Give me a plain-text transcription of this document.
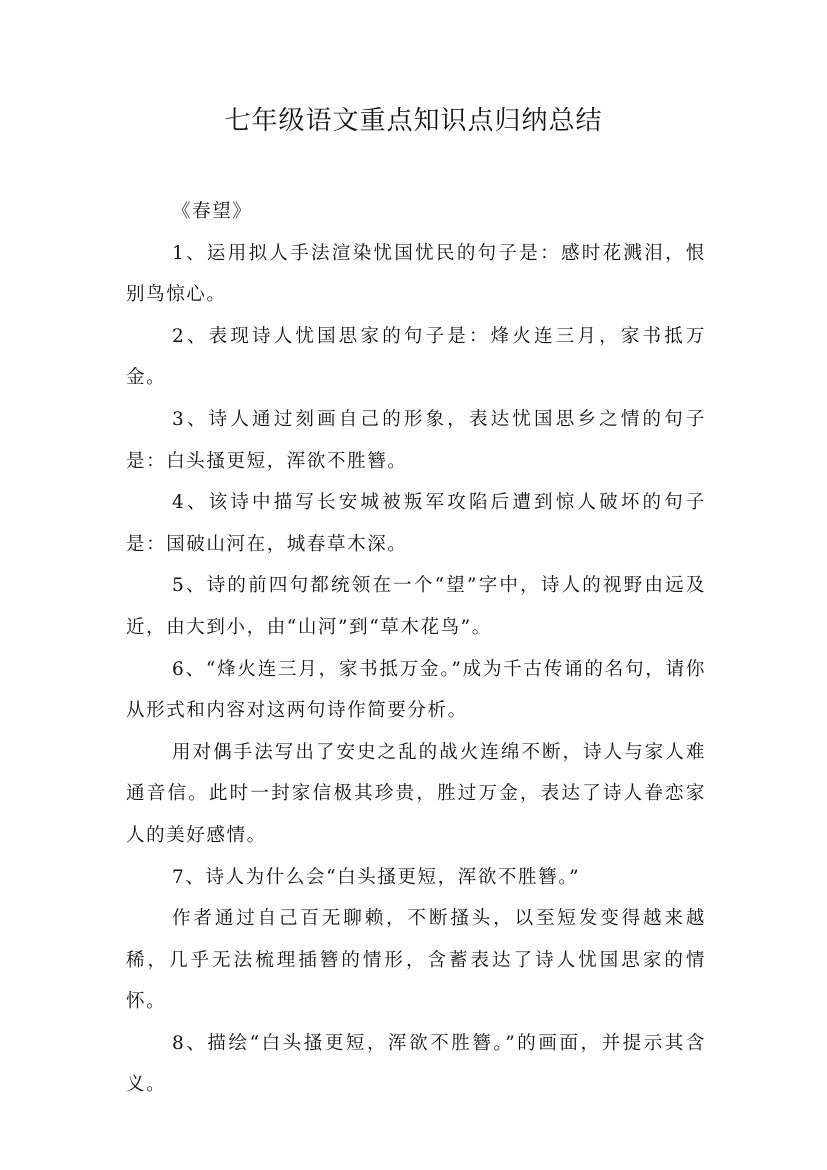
七年级语文重点知识点归纳总结

《春望》

1、运用拟人手法渲染忧国忧民的句子是：感时花溅泪，恨别鸟惊心。

2、表现诗人忧国思家的句子是：烽火连三月，家书抵万金。

3、诗人通过刻画自己的形象，表达忧国思乡之情的句子是：白头搔更短，浑欲不胜簪。

4、该诗中描写长安城被叛军攻陷后遭到惊人破坏的句子是：国破山河在，城春草木深。

5、诗的前四句都统领在一个“望”字中，诗人的视野由远及近，由大到小，由“山河”到“草木花鸟”。

6、“烽火连三月，家书抵万金。”成为千古传诵的名句，请你从形式和内容对这两句诗作简要分析。

用对偶手法写出了安史之乱的战火连绵不断，诗人与家人难通音信。此时一封家信极其珍贵，胜过万金，表达了诗人眷恋家人的美好感情。

7、诗人为什么会“白头搔更短，浑欲不胜簪。”

作者通过自己百无聊赖，不断搔头，以至短发变得越来越稀，几乎无法梳理插簪的情形，含蓄表达了诗人忧国思家的情怀。

8、描绘“白头搔更短，浑欲不胜簪。”的画面，并提示其含义。
